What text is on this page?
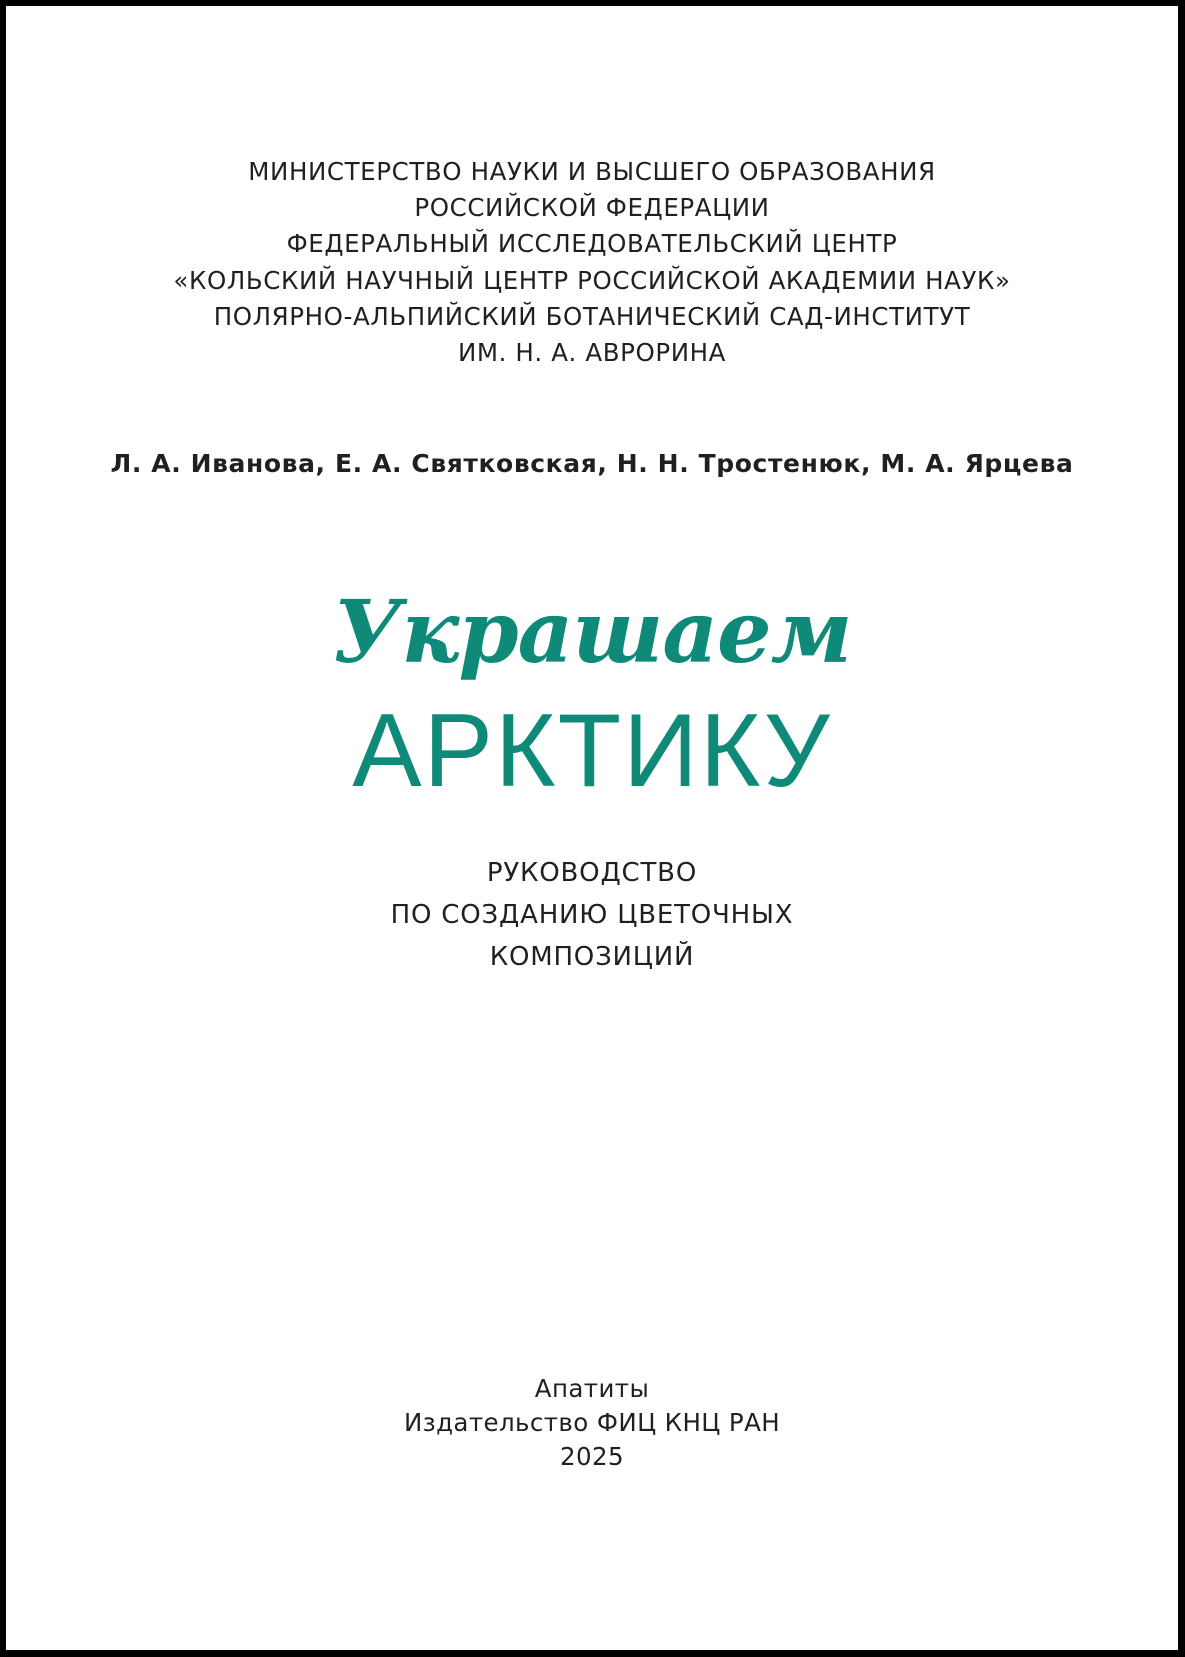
МИНИСТЕРСТВО НАУКИ И ВЫСШЕГО ОБРАЗОВАНИЯ
РОССИЙСКОЙ ФЕДЕРАЦИИ
ФЕДЕРАЛЬНЫЙ ИССЛЕДОВАТЕЛЬСКИЙ ЦЕНТР
«КОЛЬСКИЙ НАУЧНЫЙ ЦЕНТР РОССИЙСКОЙ АКАДЕМИИ НАУК»
ПОЛЯРНО-АЛЬПИЙСКИЙ БОТАНИЧЕСКИЙ САД-ИНСТИТУТ
ИМ. Н. А. АВРОРИНА
Л. А. Иванова, Е. А. Святковская, Н. Н. Тростенюк, М. А. Ярцева
Украшаем
АРКТИКУ
РУКОВОДСТВО
ПО СОЗДАНИЮ ЦВЕТОЧНЫХ
КОМПОЗИЦИЙ
Апатиты
Издательство ФИЦ КНЦ РАН
2025
